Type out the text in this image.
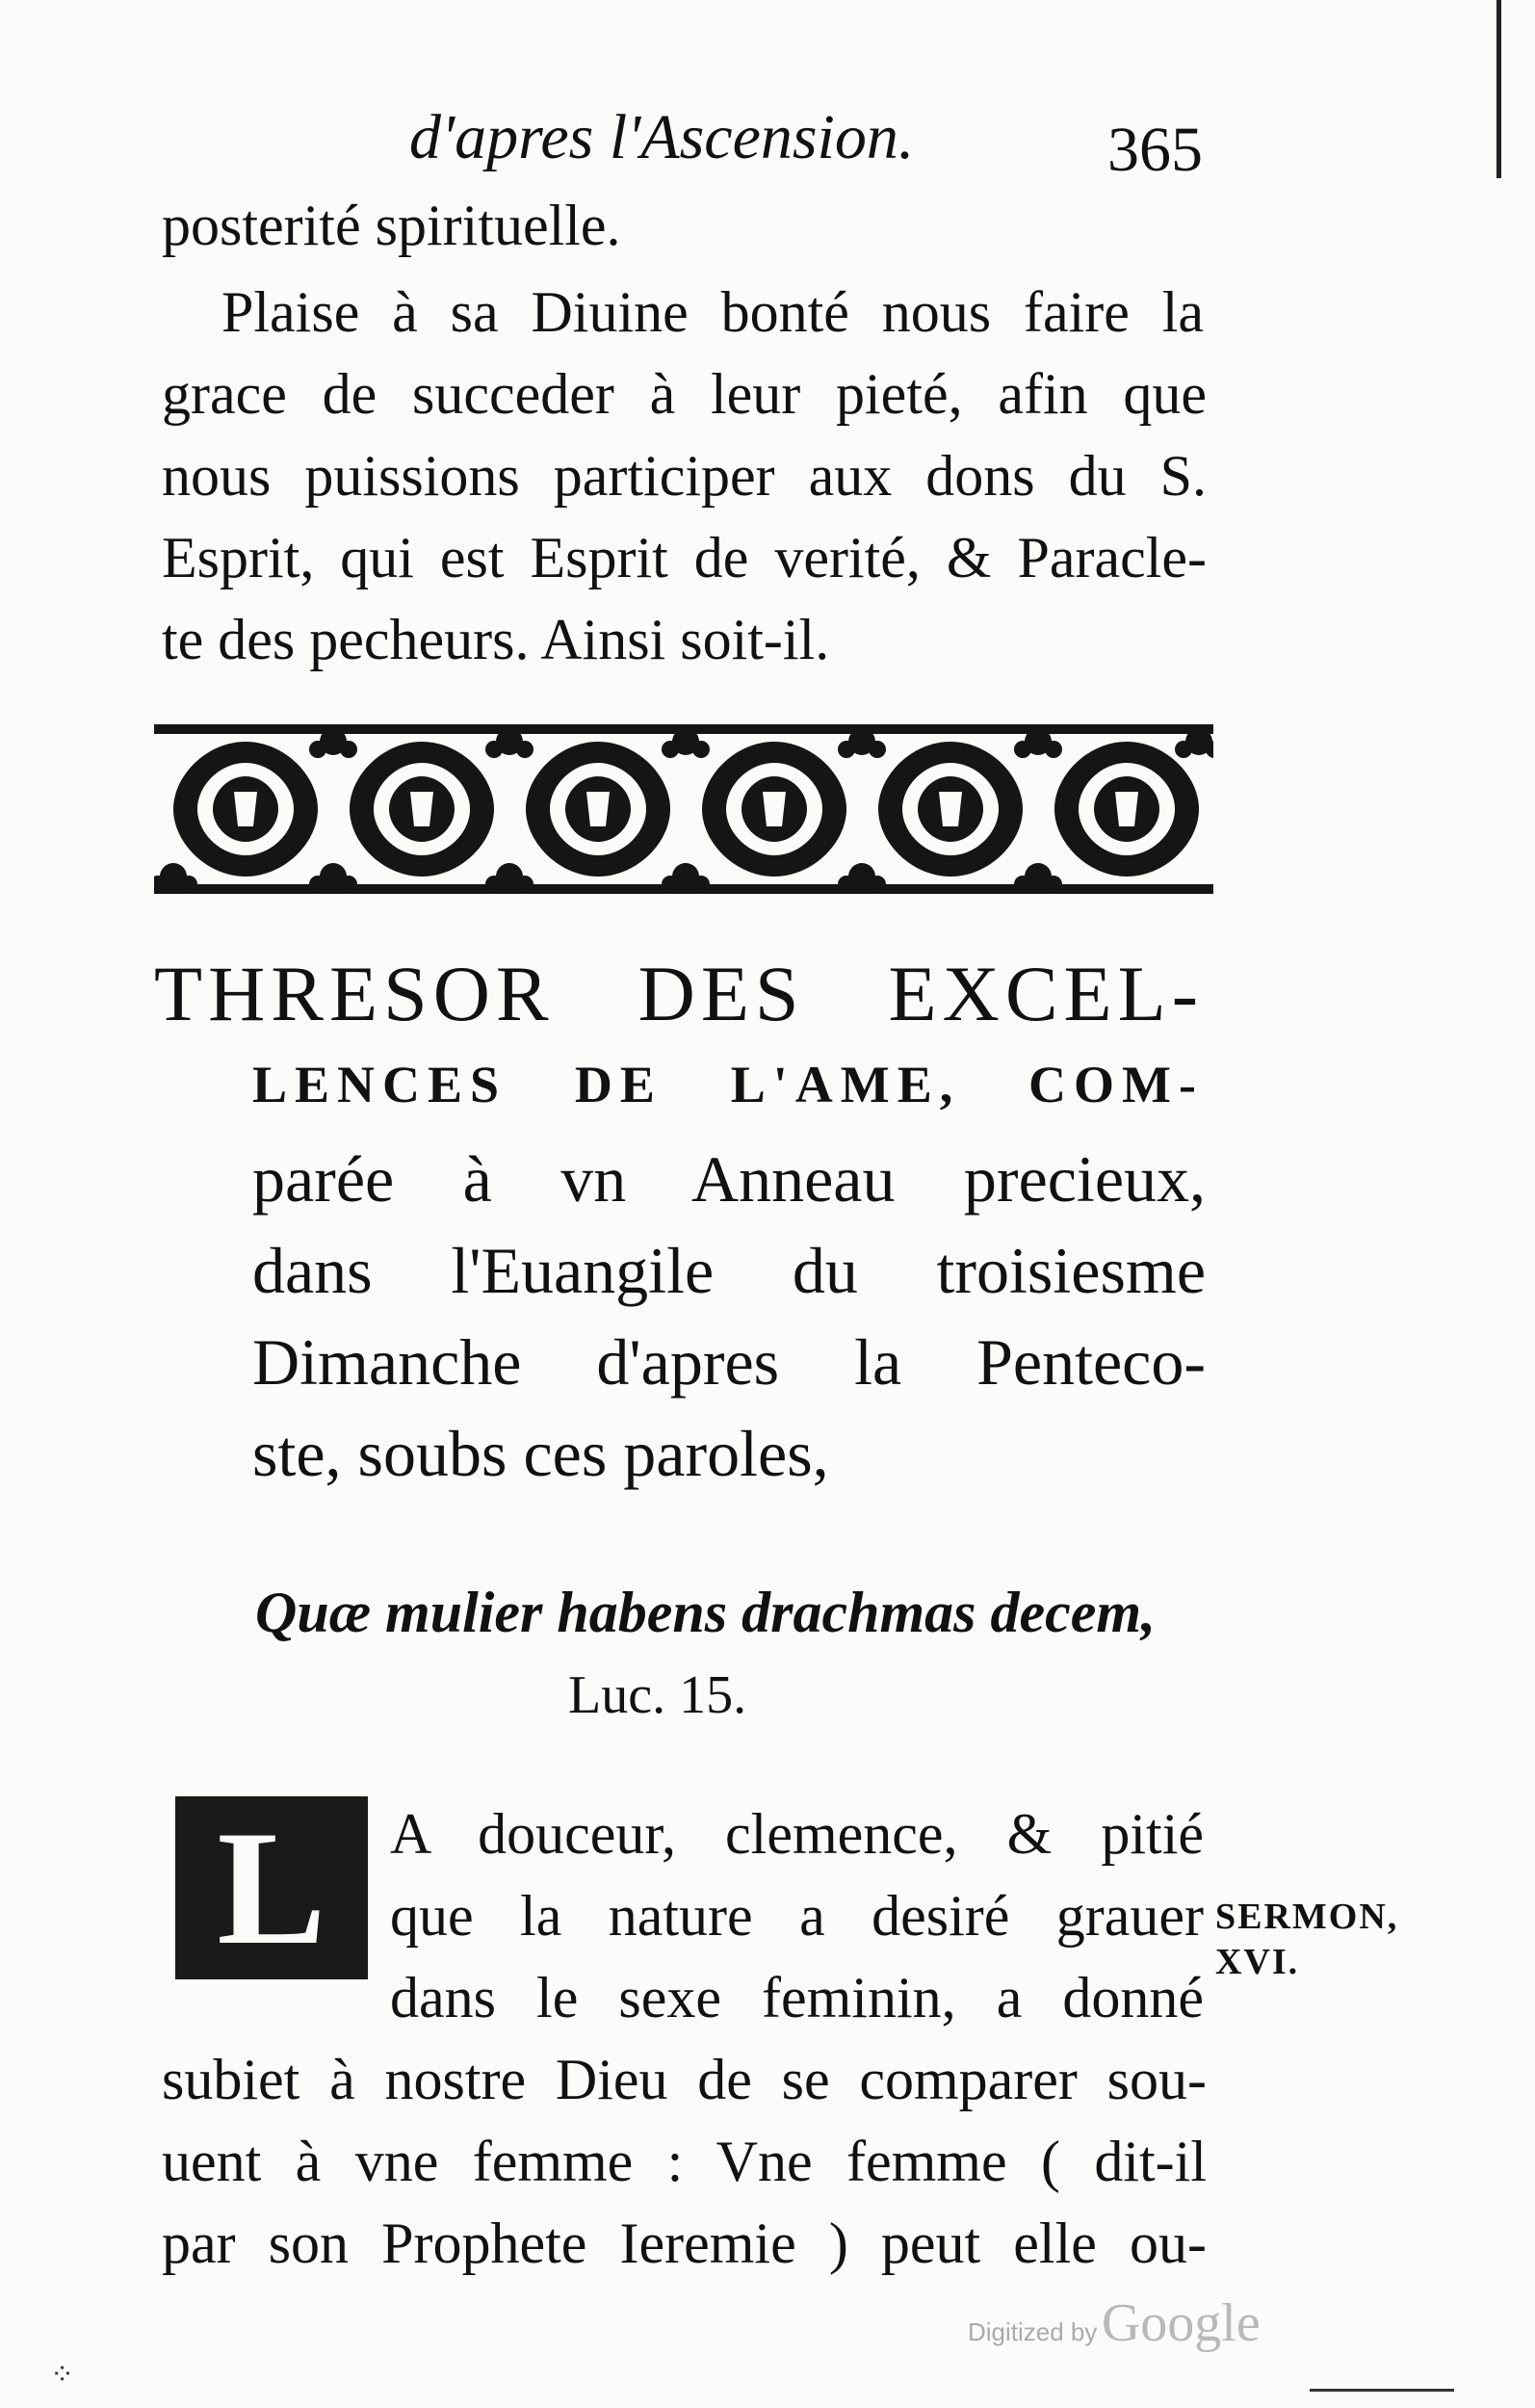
d'apres l'Ascension.	365
posterité spirituelle.
Plaise à sa Diuine bonté nous faire la
grace de succeder à leur pieté, afin que
nous puissions participer aux dons du S.
Esprit, qui est Esprit de verité, & Paracle-
te des pecheurs. Ainsi soit-il.
THRESOR DES EXCEL-
LENCES DE L'AME, COM-
parée à vn Anneau precieux,
dans l'Euangile du troisiesme
Dimanche d'apres la Penteco-
ste, soubs ces paroles,
Quæ mulier habens drachmas decem,
Luc. 15.
L	A douceur, clemence, & pitié
que la nature a desiré grauer
dans le sexe feminin, a donné
subiet à nostre Dieu de se comparer sou-
uent à vne femme : Vne femme ( dit-il
par son Prophete Ieremie ) peut elle ou-
SERMON,
XVI.
⁘
Digitized by Google
